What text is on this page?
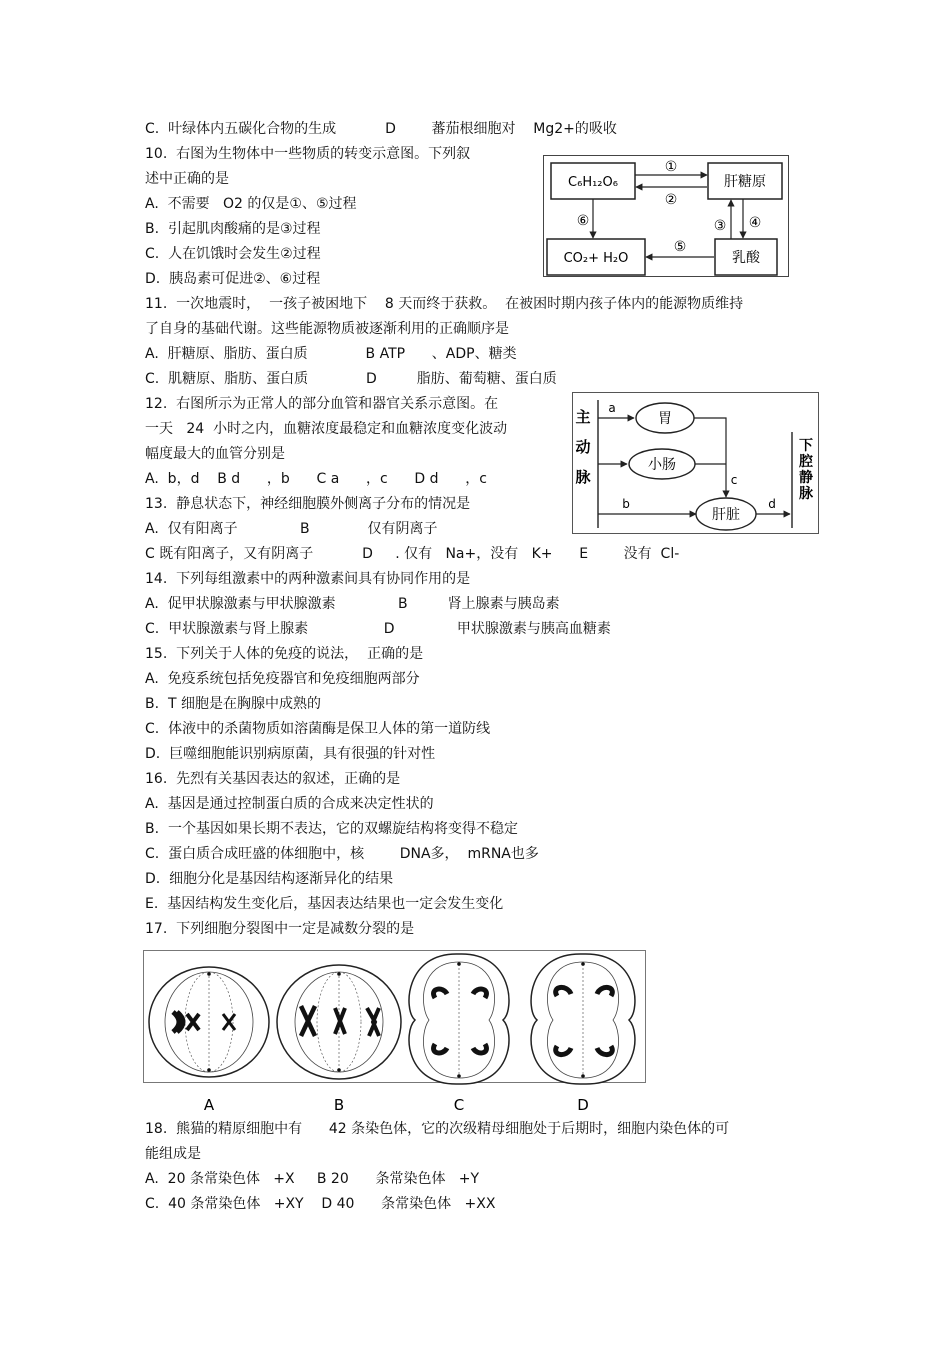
C.  叶绿体内五碳化合物的生成           D        蕃茄根细胞对    Mg2+的吸收
10.  右图为生物体中一些物质的转变示意图。下列叙
述中正确的是
A.  不需要   O2 的仅是①、⑤过程
B.  引起肌肉酸痛的是③过程
C.  人在饥饿时会发生②过程
D.  胰岛素可促进②、⑥过程
11.  一次地震时，  一孩子被困地下    8 天而终于获救。  在被困时期内孩子体内的能源物质维持
了自身的基础代谢。这些能源物质被逐渐利用的正确顺序是
A.  肝糖原、脂肪、蛋白质             B ATP      、ADP、糖类
C.  肌糖原、脂肪、蛋白质             D         脂肪、葡萄糖、蛋白质
12.  右图所示为正常人的部分血管和器官关系示意图。在
一天   24  小时之内，血糖浓度最稳定和血糖浓度变化波动
幅度最大的血管分别是
A.  b，d    B d      ，b      C a      ，c      D d      ，c
13.  静息状态下，神经细胞膜外侧离子分布的情况是
A.  仅有阳离子              B             仅有阴离子
C 既有阳离子，又有阴离子           D     . 仅有   Na+，没有   K+      E        没有  Cl-
14.  下列每组激素中的两种激素间具有协同作用的是
A.  促甲状腺激素与甲状腺激素              B         肾上腺素与胰岛素
C.  甲状腺激素与肾上腺素                 D              甲状腺激素与胰高血糖素
15.  下列关于人体的免疫的说法，  正确的是
A.  免疫系统包括免疫器官和免疫细胞两部分
B.  T 细胞是在胸腺中成熟的
C.  体液中的杀菌物质如溶菌酶是保卫人体的第一道防线
D.  巨噬细胞能识别病原菌，具有很强的针对性
16.  先烈有关基因表达的叙述，正确的是
A.  基因是通过控制蛋白质的合成来决定性状的
B.  一个基因如果长期不表达，它的双螺旋结构将变得不稳定
C.  蛋白质合成旺盛的体细胞中，核        DNA多，  mRNA也多
D.  细胞分化是基因结构逐渐异化的结果
E.  基因结构发生变化后，基因表达结果也一定会发生变化
17.  下列细胞分裂图中一定是减数分裂的是
18.  熊猫的精原细胞中有      42 条染色体，它的次级精母细胞处于后期时，细胞内染色体的可
能组成是
A.  20 条常染色体   +X     B 20      条常染色体   +Y
C.  40 条常染色体   +XY    D 40      条常染色体   +XX
C₆H₁₂O₆	肝糖原
CO₂+ H₂O	乳酸
①
②
⑥	③ ④
⑤
主
动
脉
a
b
胃
小肠
肝脏
c
d
下
腔
静
脉
A	B	C	D
